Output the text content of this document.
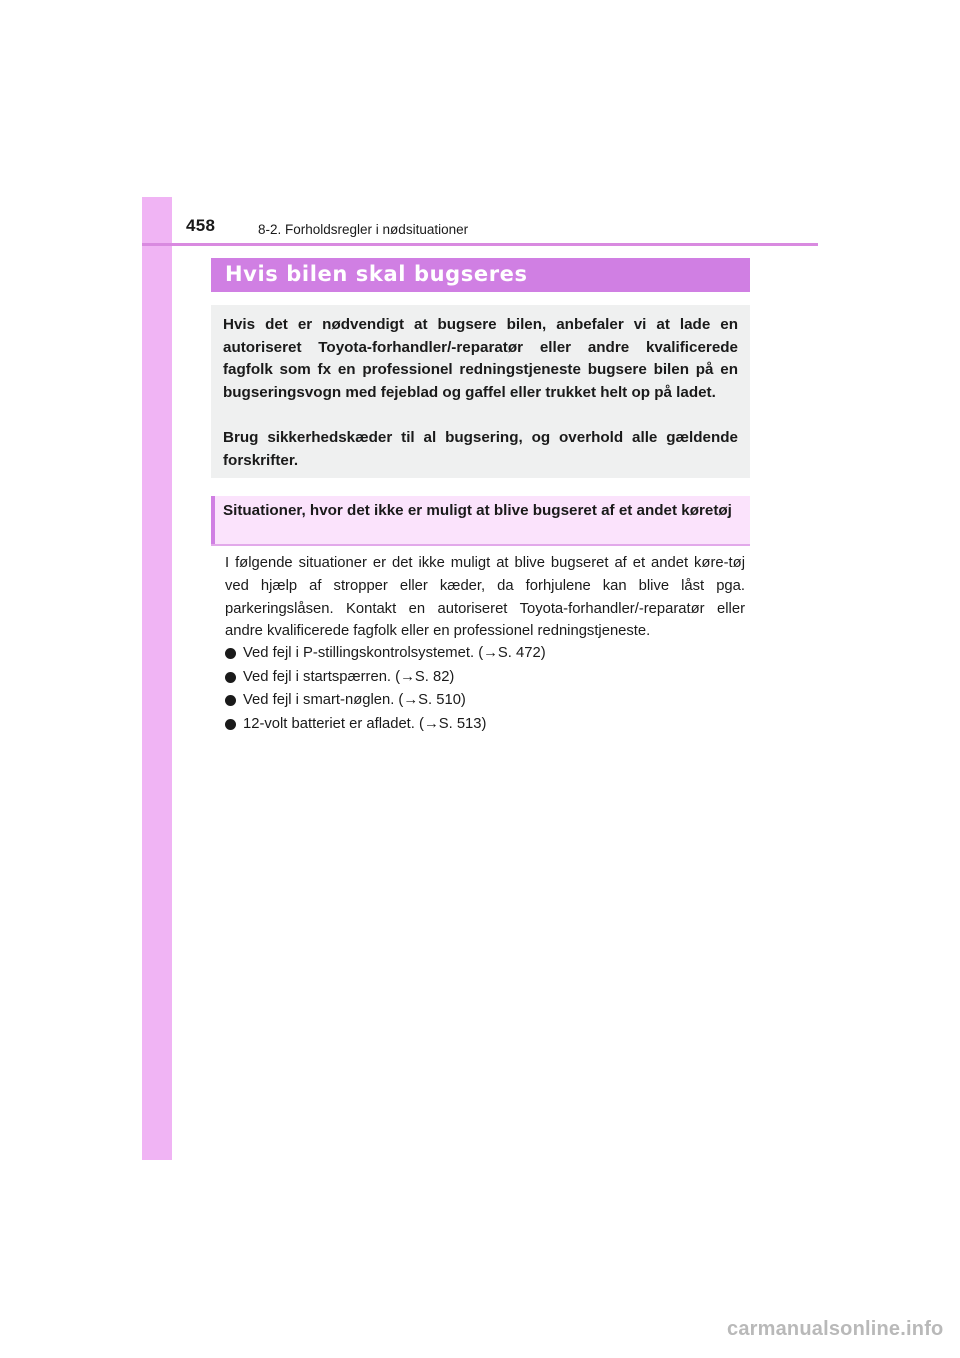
458	8-2. Forholdsregler i nødsituationer
Hvis bilen skal bugseres

Hvis det er nødvendigt at bugsere bilen, anbefaler vi at lade en autoriseret Toyota-forhandler/-reparatør eller andre kvalificerede fagfolk som fx en professionel redningstjeneste bugsere bilen på en bugseringsvogn med fejeblad og gaffel eller trukket helt op på ladet.

Brug sikkerhedskæder til al bugsering, og overhold alle gældende forskrifter.

Situationer, hvor det ikke er muligt at blive bugseret af et andet køretøj

I følgende situationer er det ikke muligt at blive bugseret af et andet køre-tøj ved hjælp af stropper eller kæder, da forhjulene kan blive låst pga. parkeringslåsen. Kontakt en autoriseret Toyota-forhandler/-reparatør eller andre kvalificerede fagfolk eller en professionel redningstjeneste.

Ved fejl i P-stillingskontrolsystemet. (→S. 472)
Ved fejl i startspærren. (→S. 82)
Ved fejl i smart-nøglen. (→S. 510)
12-volt batteriet er afladet. (→S. 513)
carmanualsonline.info
